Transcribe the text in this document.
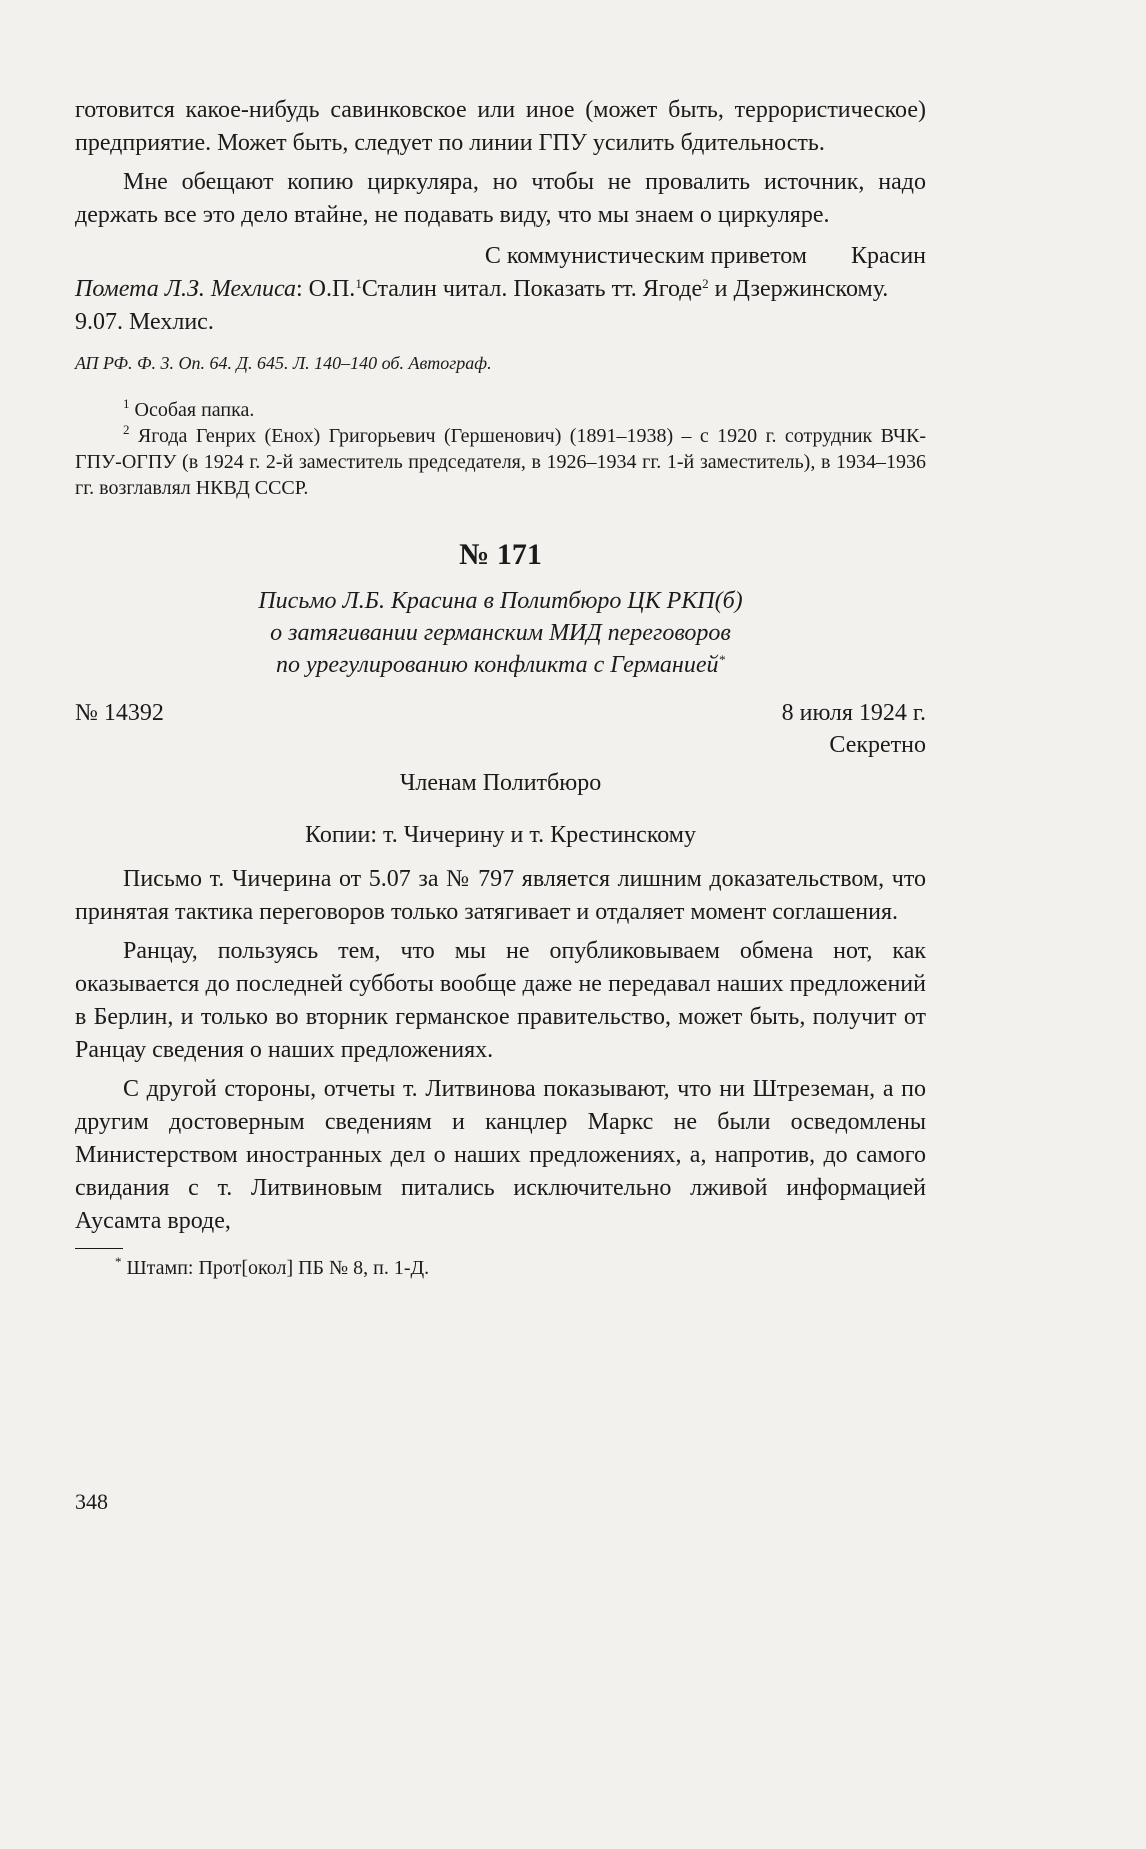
готовится какое-нибудь савинковское или иное (может быть, террористическое) предприятие. Может быть, следует по линии ГПУ усилить бдительность.

Мне обещают копию циркуляра, но чтобы не провалить источник, надо держать все это дело втайне, не подавать виду, что мы знаем о циркуляре.

С коммунистическим приветом Красин

Помета Л.З. Мехлиса: О.П.$^1$Сталин читал. Показать тт. Ягоде$^2$ и Дзержинскому. 9.07. Мехлис.

АП РФ. Ф. 3. Оп. 64. Д. 645. Л. 140–140 об. Автограф.

$^1$ Особая папка.

$^2$ Ягода Генрих (Енох) Григорьевич (Гершенович) (1891–1938) – с 1920 г. сотрудник ВЧК-ГПУ-ОГПУ (в 1924 г. 2-й заместитель председателя, в 1926–1934 гг. 1-й заместитель), в 1934–1936 гг. возглавлял НКВД СССР.

№ 171

Письмо Л.Б. Красина в Политбюро ЦК РКП(б)
о затягивании германским МИД переговоров
по урегулированию конфликта с Германией*
№ 14392	8 июля 1924 г.

Секретно

Членам Политбюро

Копии: т. Чичерину и т. Крестинскому

Письмо т. Чичерина от 5.07 за № 797 является лишним доказательством, что принятая тактика переговоров только затягивает и отдаляет момент соглашения.

Ранцау, пользуясь тем, что мы не опубликовываем обмена нот, как оказывается до последней субботы вообще даже не передавал наших предложений в Берлин, и только во вторник германское правительство, может быть, получит от Ранцау сведения о наших предложениях.

С другой стороны, отчеты т. Литвинова показывают, что ни Штреземан, а по другим достоверным сведениям и канцлер Маркс не были осведомлены Министерством иностранных дел о наших предложениях, а, напротив, до самого свидания с т. Литвиновым питались исключительно лживой информацией Аусамта вроде,

* Штамп: Прот[окол] ПБ № 8, п. 1-Д.

348
